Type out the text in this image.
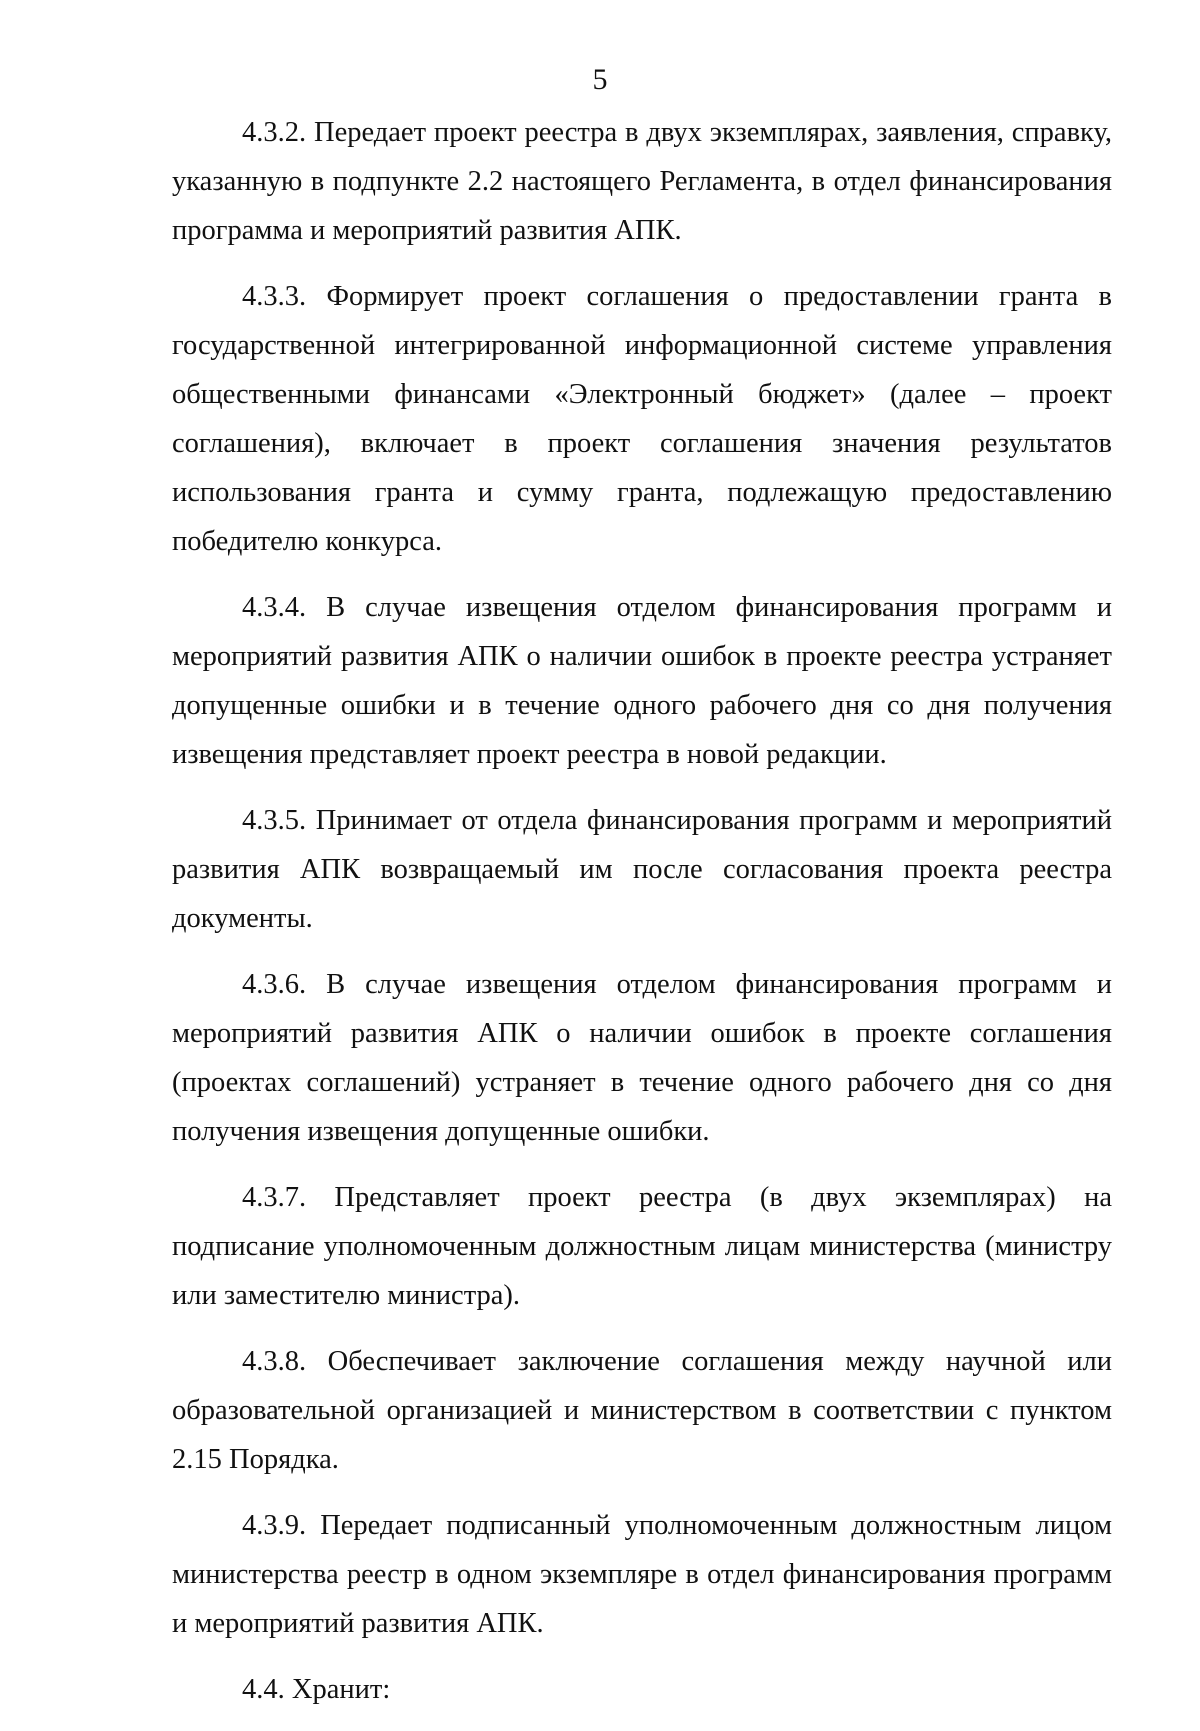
5

4.3.2. Передает проект реестра в двух экземплярах, заявления, справку, указанную в подпункте 2.2 настоящего Регламента, в отдел финансирования программа и мероприятий развития АПК.

4.3.3. Формирует проект соглашения о предоставлении гранта в государственной интегрированной информационной системе управления общественными финансами «Электронный бюджет» (далее – проект соглашения), включает в проект соглашения значения результатов использования гранта и сумму гранта, подлежащую предоставлению победителю конкурса.

4.3.4. В случае извещения отделом финансирования программ и мероприятий развития АПК о наличии ошибок в проекте реестра устраняет допущенные ошибки и в течение одного рабочего дня со дня получения извещения представляет проект реестра в новой редакции.

4.3.5. Принимает от отдела финансирования программ и мероприятий развития АПК возвращаемый им после согласования проекта реестра документы.

4.3.6. В случае извещения отделом финансирования программ и мероприятий развития АПК о наличии ошибок в проекте соглашения (проектах соглашений) устраняет в течение одного рабочего дня со дня получения извещения допущенные ошибки.

4.3.7. Представляет проект реестра (в двух экземплярах) на подписание уполномоченным должностным лицам министерства (министру или заместителю министра).

4.3.8. Обеспечивает заключение соглашения между научной или образовательной организацией и министерством в соответствии с пунктом 2.15 Порядка.

4.3.9. Передает подписанный уполномоченным должностным лицом министерства реестр в одном экземпляре в отдел финансирования программ и мероприятий развития АПК.

4.4. Хранит:
